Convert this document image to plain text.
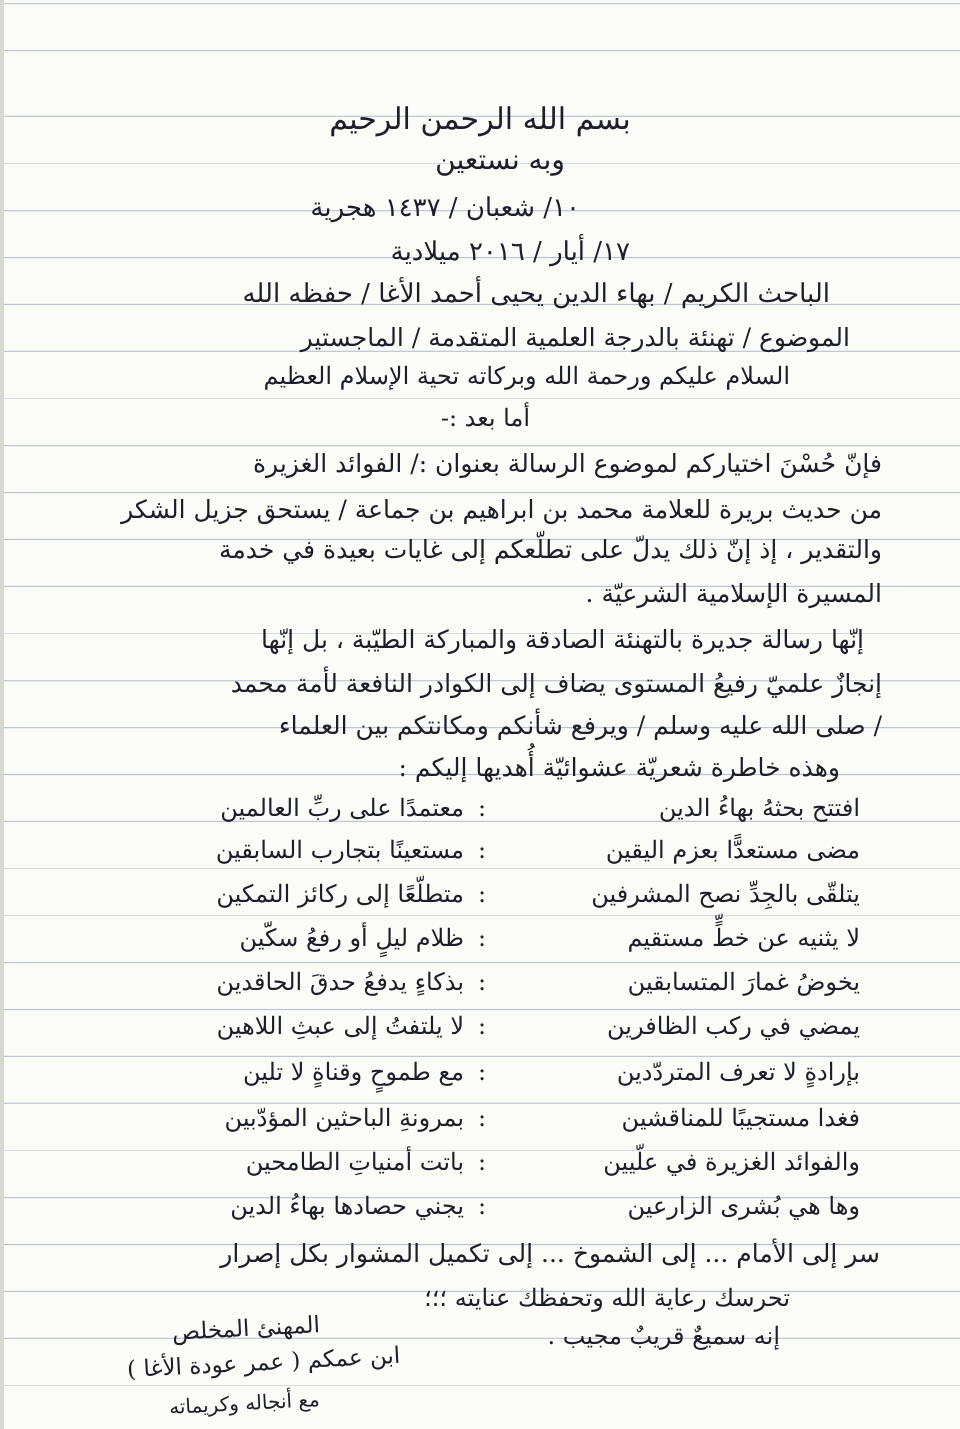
بسم الله الرحمن الرحيم
وبه نستعين
١٠/ شعبان / ١٤٣٧ هجرية
١٧/ أيار / ٢٠١٦ ميلادية
الباحث الكريم / بهاء الدين يحيى أحمد الأغا / حفظه الله
الموضوع / تهنئة بالدرجة العلمية المتقدمة / الماجستير
السلام عليكم ورحمة الله وبركاته تحية الإسلام العظيم
أما بعد :-
فإنّ حُسْنَ اختياركم لموضوع الرسالة بعنوان :/ الفوائد الغزيرة
من حديث بريرة للعلامة محمد بن ابراهيم بن جماعة / يستحق جزيل الشكر
والتقدير ، إذ إنّ ذلك يدلّ على تطلّعكم إلى غايات بعيدة في خدمة
المسيرة الإسلامية الشرعيّة .
إنّها رسالة جديرة بالتهنئة الصادقة والمباركة الطيّبة ، بل إنّها
إنجازٌ علميّ رفيعُ المستوى يضاف إلى الكوادر النافعة لأمة محمد
/ صلى الله عليه وسلم / ويرفع شأنكم ومكانتكم بين العلماء
وهذه خاطرة شعريّة عشوائيّة أُهديها إليكم :
افتتح بحثهُ بهاءُ الدين
:
معتمدًا على ربِّ العالمين
مضى مستعدًّا بعزم اليقين
:
مستعينًا بتجارب السابقين
يتلقّى بالجِدِّ نصح المشرفين
:
متطلّعًا إلى ركائز التمكين
لا يثنيه عن خطٍّ مستقيم
:
ظلام ليلٍ أو رفعُ سكّين
يخوضُ غمارَ المتسابقين
:
بذكاءٍ يدفعُ حدقَ الحاقدين
يمضي في ركب الظافرين
:
لا يلتفتُ إلى عبثِ اللاهين
بإرادةٍ لا تعرف المتردّدين
:
مع طموحٍ وقناةٍ لا تلين
فغدا مستجيبًا للمناقشين
:
بمرونةِ الباحثين المؤدّبين
والفوائد الغزيرة في علّيين
:
باتت أمنياتِ الطامحين
وها هي بُشرى الزارعين
:
يجني حصادها بهاءُ الدين
سر إلى الأمام ... إلى الشموخ ... إلى تكميل المشوار بكل إصرار
تحرسك رعاية الله وتحفظك عنايته ؛؛؛
إنه سميعٌ قريبٌ مجيب .
المهنئ المخلص
ابن عمكم ( عمر عودة الأغا )
مع أنجاله وكريماته
